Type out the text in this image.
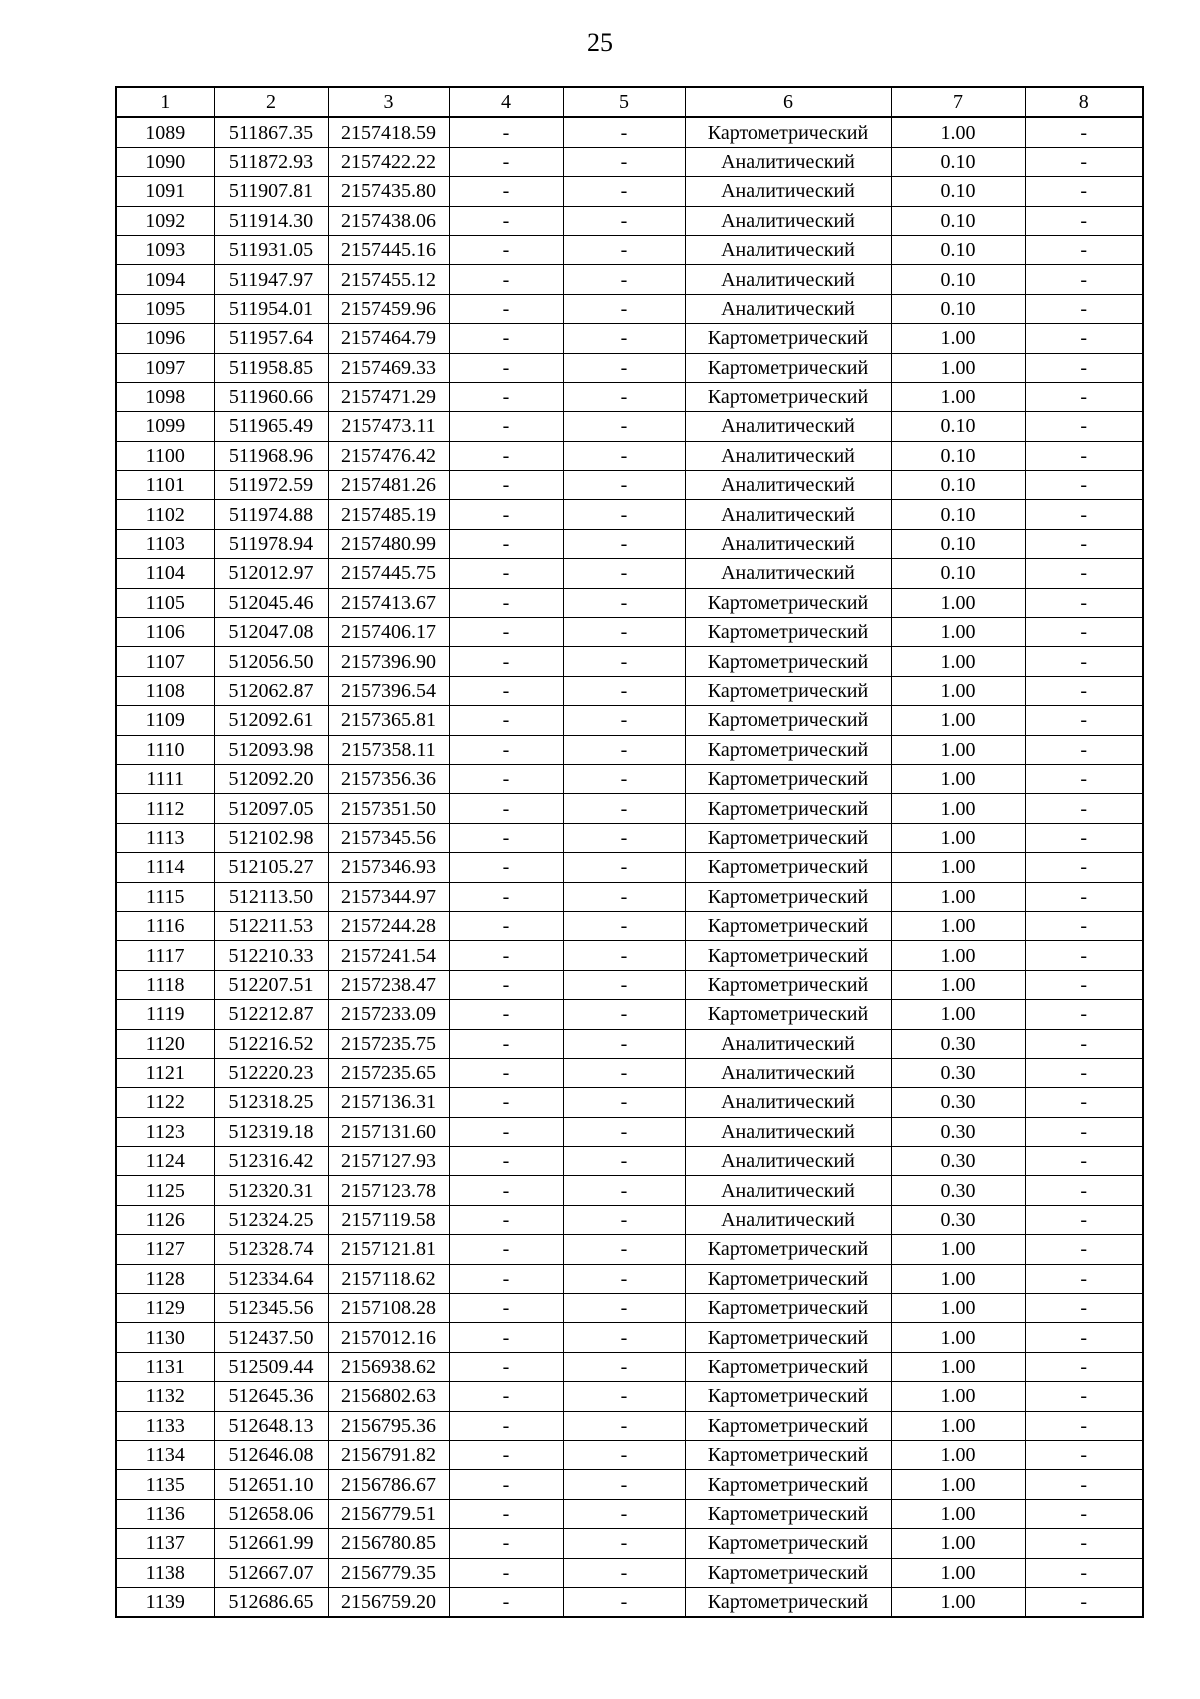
25
1	2	3	4	5	6	7	8
1089	511867.35	2157418.59	-	-	Картометрический	1.00	-
1090	511872.93	2157422.22	-	-	Аналитический	0.10	-
1091	511907.81	2157435.80	-	-	Аналитический	0.10	-
1092	511914.30	2157438.06	-	-	Аналитический	0.10	-
1093	511931.05	2157445.16	-	-	Аналитический	0.10	-
1094	511947.97	2157455.12	-	-	Аналитический	0.10	-
1095	511954.01	2157459.96	-	-	Аналитический	0.10	-
1096	511957.64	2157464.79	-	-	Картометрический	1.00	-
1097	511958.85	2157469.33	-	-	Картометрический	1.00	-
1098	511960.66	2157471.29	-	-	Картометрический	1.00	-
1099	511965.49	2157473.11	-	-	Аналитический	0.10	-
1100	511968.96	2157476.42	-	-	Аналитический	0.10	-
1101	511972.59	2157481.26	-	-	Аналитический	0.10	-
1102	511974.88	2157485.19	-	-	Аналитический	0.10	-
1103	511978.94	2157480.99	-	-	Аналитический	0.10	-
1104	512012.97	2157445.75	-	-	Аналитический	0.10	-
1105	512045.46	2157413.67	-	-	Картометрический	1.00	-
1106	512047.08	2157406.17	-	-	Картометрический	1.00	-
1107	512056.50	2157396.90	-	-	Картометрический	1.00	-
1108	512062.87	2157396.54	-	-	Картометрический	1.00	-
1109	512092.61	2157365.81	-	-	Картометрический	1.00	-
1110	512093.98	2157358.11	-	-	Картометрический	1.00	-
1111	512092.20	2157356.36	-	-	Картометрический	1.00	-
1112	512097.05	2157351.50	-	-	Картометрический	1.00	-
1113	512102.98	2157345.56	-	-	Картометрический	1.00	-
1114	512105.27	2157346.93	-	-	Картометрический	1.00	-
1115	512113.50	2157344.97	-	-	Картометрический	1.00	-
1116	512211.53	2157244.28	-	-	Картометрический	1.00	-
1117	512210.33	2157241.54	-	-	Картометрический	1.00	-
1118	512207.51	2157238.47	-	-	Картометрический	1.00	-
1119	512212.87	2157233.09	-	-	Картометрический	1.00	-
1120	512216.52	2157235.75	-	-	Аналитический	0.30	-
1121	512220.23	2157235.65	-	-	Аналитический	0.30	-
1122	512318.25	2157136.31	-	-	Аналитический	0.30	-
1123	512319.18	2157131.60	-	-	Аналитический	0.30	-
1124	512316.42	2157127.93	-	-	Аналитический	0.30	-
1125	512320.31	2157123.78	-	-	Аналитический	0.30	-
1126	512324.25	2157119.58	-	-	Аналитический	0.30	-
1127	512328.74	2157121.81	-	-	Картометрический	1.00	-
1128	512334.64	2157118.62	-	-	Картометрический	1.00	-
1129	512345.56	2157108.28	-	-	Картометрический	1.00	-
1130	512437.50	2157012.16	-	-	Картометрический	1.00	-
1131	512509.44	2156938.62	-	-	Картометрический	1.00	-
1132	512645.36	2156802.63	-	-	Картометрический	1.00	-
1133	512648.13	2156795.36	-	-	Картометрический	1.00	-
1134	512646.08	2156791.82	-	-	Картометрический	1.00	-
1135	512651.10	2156786.67	-	-	Картометрический	1.00	-
1136	512658.06	2156779.51	-	-	Картометрический	1.00	-
1137	512661.99	2156780.85	-	-	Картометрический	1.00	-
1138	512667.07	2156779.35	-	-	Картометрический	1.00	-
1139	512686.65	2156759.20	-	-	Картометрический	1.00	-
